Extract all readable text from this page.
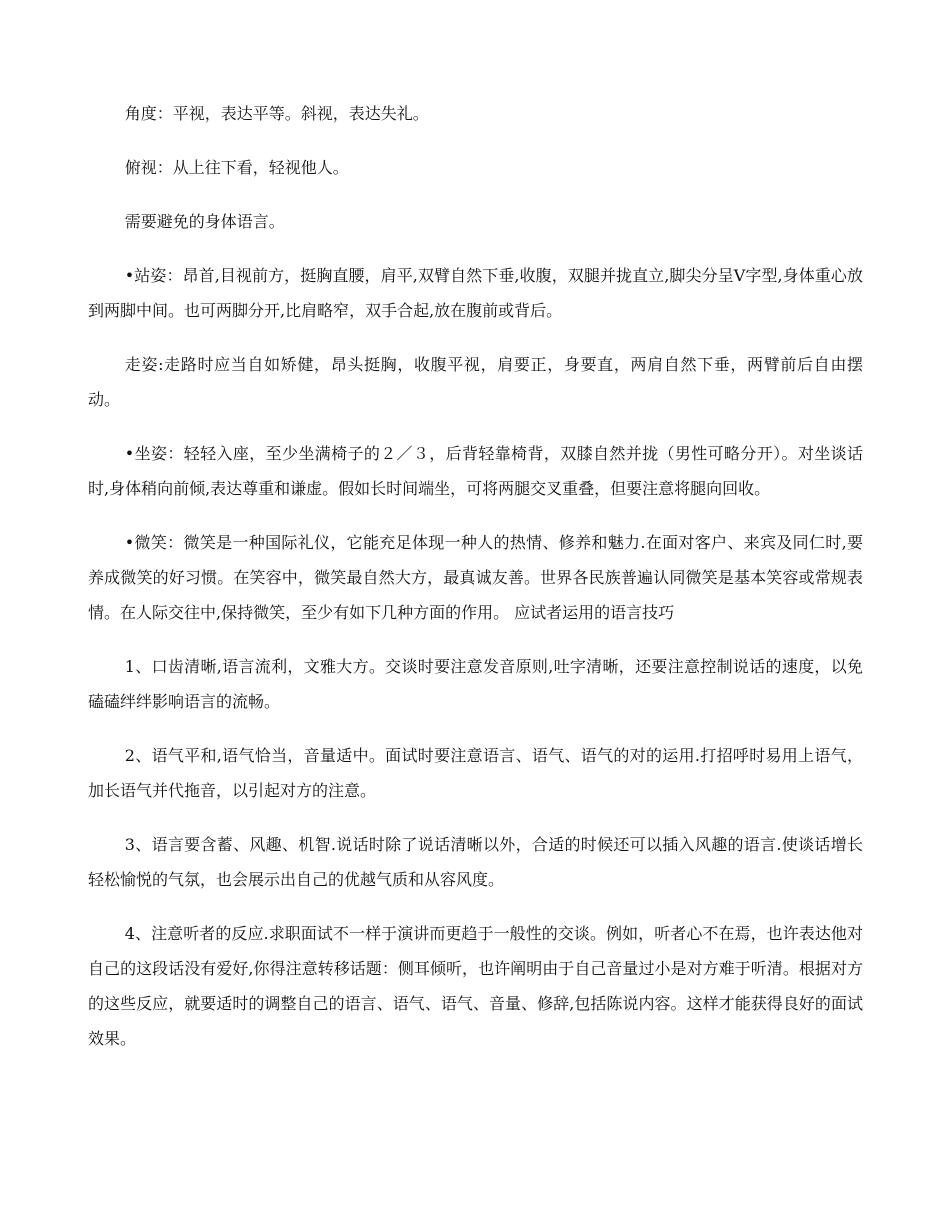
角度：平视，表达平等。斜视，表达失礼。

俯视：从上往下看，轻视他人。

需要避免的身体语言。

•站姿：昂首,目视前方，挺胸直腰，肩平,双臂自然下垂,收腹，双腿并拢直立,脚尖分呈Ⅴ字型,身体重心放到两脚中间。也可两脚分开,比肩略窄，双手合起,放在腹前或背后。

走姿:走路时应当自如矫健，昂头挺胸，收腹平视，肩要正，身要直，两肩自然下垂，两臂前后自由摆动。

•坐姿：轻轻入座，至少坐满椅子的２／３，后背轻靠椅背，双膝自然并拢（男性可略分开）。对坐谈话时,身体稍向前倾,表达尊重和谦虚。假如长时间端坐，可将两腿交叉重叠，但要注意将腿向回收。

•微笑：微笑是一种国际礼仪，它能充足体现一种人的热情、修养和魅力.在面对客户、来宾及同仁时,要养成微笑的好习惯。在笑容中，微笑最自然大方，最真诚友善。世界各民族普遍认同微笑是基本笑容或常规表情。在人际交往中,保持微笑，至少有如下几种方面的作用。 应试者运用的语言技巧

1、口齿清晰,语言流利，文雅大方。交谈时要注意发音原则,吐字清晰，还要注意控制说话的速度，以免磕磕绊绊影响语言的流畅。

2、语气平和,语气恰当，音量适中。面试时要注意语言、语气、语气的对的运用.打招呼时易用上语气，加长语气并代拖音，以引起对方的注意。

3、语言要含蓄、风趣、机智.说话时除了说话清晰以外，合适的时候还可以插入风趣的语言.使谈话增长轻松愉悦的气氛，也会展示出自己的优越气质和从容风度。

4、注意听者的反应.求职面试不一样于演讲而更趋于一般性的交谈。例如，听者心不在焉，也许表达他对自己的这段话没有爱好,你得注意转移话题：侧耳倾听，也许阐明由于自己音量过小是对方难于听清。根据对方的这些反应，就要适时的调整自己的语言、语气、语气、音量、修辞,包括陈说内容。这样才能获得良好的面试效果。
